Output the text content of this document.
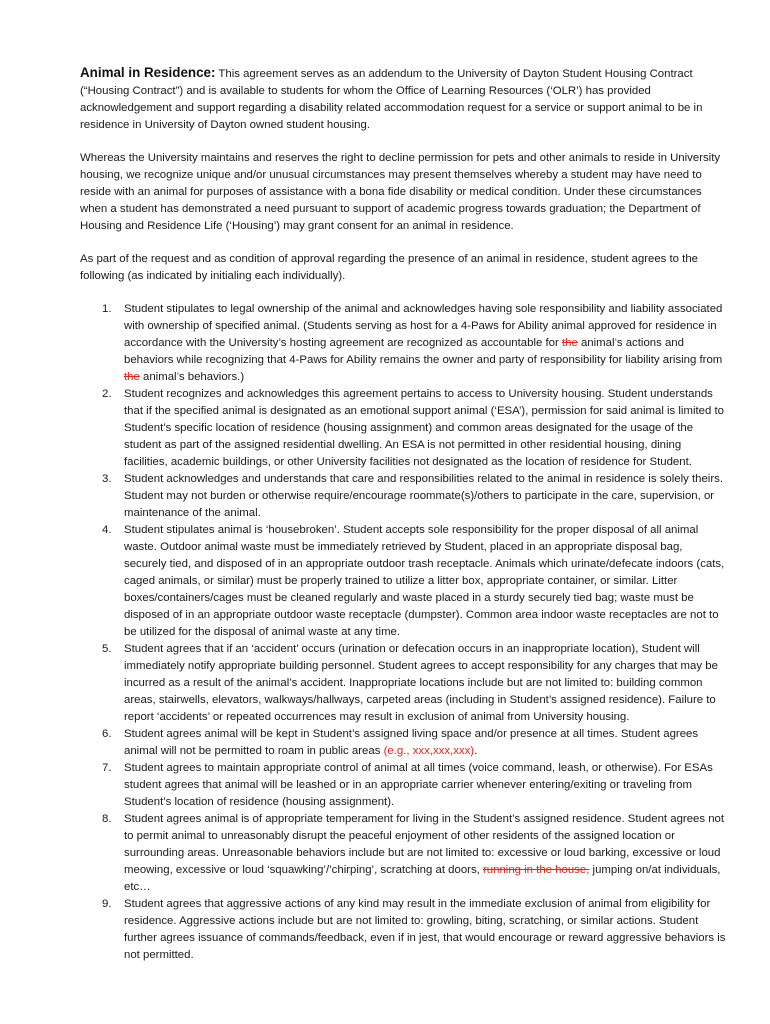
Animal in Residence: This agreement serves as an addendum to the University of Dayton Student Housing Contract (“Housing Contract”) and is available to students for whom the Office of Learning Resources (‘OLR’) has provided acknowledgement and support regarding a disability related accommodation request for a service or support animal to be in residence in University of Dayton owned student housing.

Whereas the University maintains and reserves the right to decline permission for pets and other animals to reside in University housing, we recognize unique and/or unusual circumstances may present themselves whereby a student may have need to reside with an animal for purposes of assistance with a bona fide disability or medical condition. Under these circumstances when a student has demonstrated a need pursuant to support of academic progress towards graduation; the Department of Housing and Residence Life (‘Housing’) may grant consent for an animal in residence.

As part of the request and as condition of approval regarding the presence of an animal in residence, student agrees to the following (as indicated by initialing each individually).

1. Student stipulates to legal ownership of the animal and acknowledges having sole responsibility and liability associated with ownership of specified animal. (Students serving as host for a 4-Paws for Ability animal approved for residence in accordance with the University’s hosting agreement are recognized as accountable for the animal’s actions and behaviors while recognizing that 4-Paws for Ability remains the owner and party of responsibility for liability arising from the animal’s behaviors.)
2. Student recognizes and acknowledges this agreement pertains to access to University housing. Student understands that if the specified animal is designated as an emotional support animal (‘ESA’), permission for said animal is limited to Student’s specific location of residence (housing assignment) and common areas designated for the usage of the student as part of the assigned residential dwelling. An ESA is not permitted in other residential housing, dining facilities, academic buildings, or other University facilities not designated as the location of residence for Student.
3. Student acknowledges and understands that care and responsibilities related to the animal in residence is solely theirs. Student may not burden or otherwise require/encourage roommate(s)/others to participate in the care, supervision, or maintenance of the animal.
4. Student stipulates animal is ‘housebroken’. Student accepts sole responsibility for the proper disposal of all animal waste. Outdoor animal waste must be immediately retrieved by Student, placed in an appropriate disposal bag, securely tied, and disposed of in an appropriate outdoor trash receptacle. Animals which urinate/defecate indoors (cats, caged animals, or similar) must be properly trained to utilize a litter box, appropriate container, or similar. Litter boxes/containers/cages must be cleaned regularly and waste placed in a sturdy securely tied bag; waste must be disposed of in an appropriate outdoor waste receptacle (dumpster). Common area indoor waste receptacles are not to be utilized for the disposal of animal waste at any time.
5. Student agrees that if an ‘accident’ occurs (urination or defecation occurs in an inappropriate location), Student will immediately notify appropriate building personnel. Student agrees to accept responsibility for any charges that may be incurred as a result of the animal’s accident. Inappropriate locations include but are not limited to: building common areas, stairwells, elevators, walkways/hallways, carpeted areas (including in Student’s assigned residence). Failure to report ‘accidents’ or repeated occurrences may result in exclusion of animal from University housing.
6. Student agrees animal will be kept in Student’s assigned living space and/or presence at all times. Student agrees animal will not be permitted to roam in public areas (e.g., xxx,xxx,xxx).
7. Student agrees to maintain appropriate control of animal at all times (voice command, leash, or otherwise). For ESAs student agrees that animal will be leashed or in an appropriate carrier whenever entering/exiting or traveling from Student’s location of residence (housing assignment).
8. Student agrees animal is of appropriate temperament for living in the Student’s assigned residence. Student agrees not to permit animal to unreasonably disrupt the peaceful enjoyment of other residents of the assigned location or surrounding areas. Unreasonable behaviors include but are not limited to: excessive or loud barking, excessive or loud meowing, excessive or loud ‘squawking’/’chirping’, scratching at doors, running in the house, jumping on/at individuals, etc…
9. Student agrees that aggressive actions of any kind may result in the immediate exclusion of animal from eligibility for residence. Aggressive actions include but are not limited to: growling, biting, scratching, or similar actions. Student further agrees issuance of commands/feedback, even if in jest, that would encourage or reward aggressive behaviors is not permitted.
